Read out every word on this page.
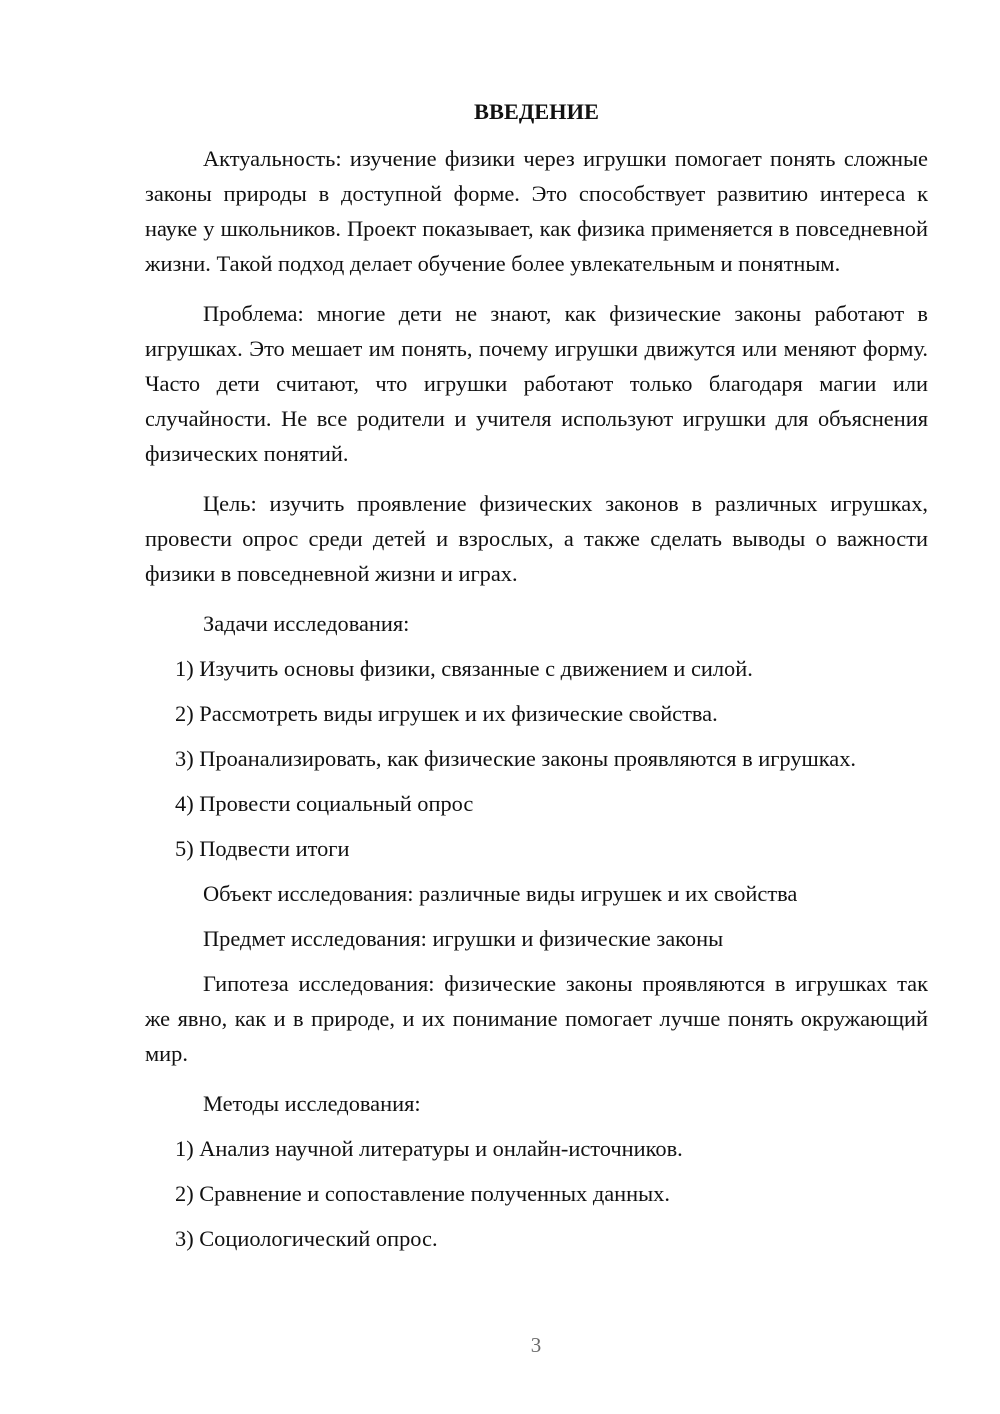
ВВЕДЕНИЕ

Актуальность: изучение физики через игрушки помогает понять сложные законы природы в доступной форме. Это способствует развитию интереса к науке у школьников. Проект показывает, как физика применяется в повседневной жизни. Такой подход делает обучение более увлекательным и понятным.

Проблема: многие дети не знают, как физические законы работают в игрушках. Это мешает им понять, почему игрушки движутся или меняют форму. Часто дети считают, что игрушки работают только благодаря магии или случайности. Не все родители и учителя используют игрушки для объяснения физических понятий.

Цель: изучить проявление физических законов в различных игрушках, провести опрос среди детей и взрослых, а также сделать выводы о важности физики в повседневной жизни и играх.

Задачи исследования:

1) Изучить основы физики, связанные с движением и силой.

2) Рассмотреть виды игрушек и их физические свойства.

3) Проанализировать, как физические законы проявляются в игрушках.

4) Провести социальный опрос

5) Подвести итоги

Объект исследования: различные виды игрушек и их свойства

Предмет исследования: игрушки и физические законы

Гипотеза исследования: физические законы проявляются в игрушках так же явно, как и в природе, и их понимание помогает лучше понять окружающий мир.

Методы исследования:

1) Анализ научной литературы и онлайн-источников.

2) Сравнение и сопоставление полученных данных.

3) Социологический опрос.

3
